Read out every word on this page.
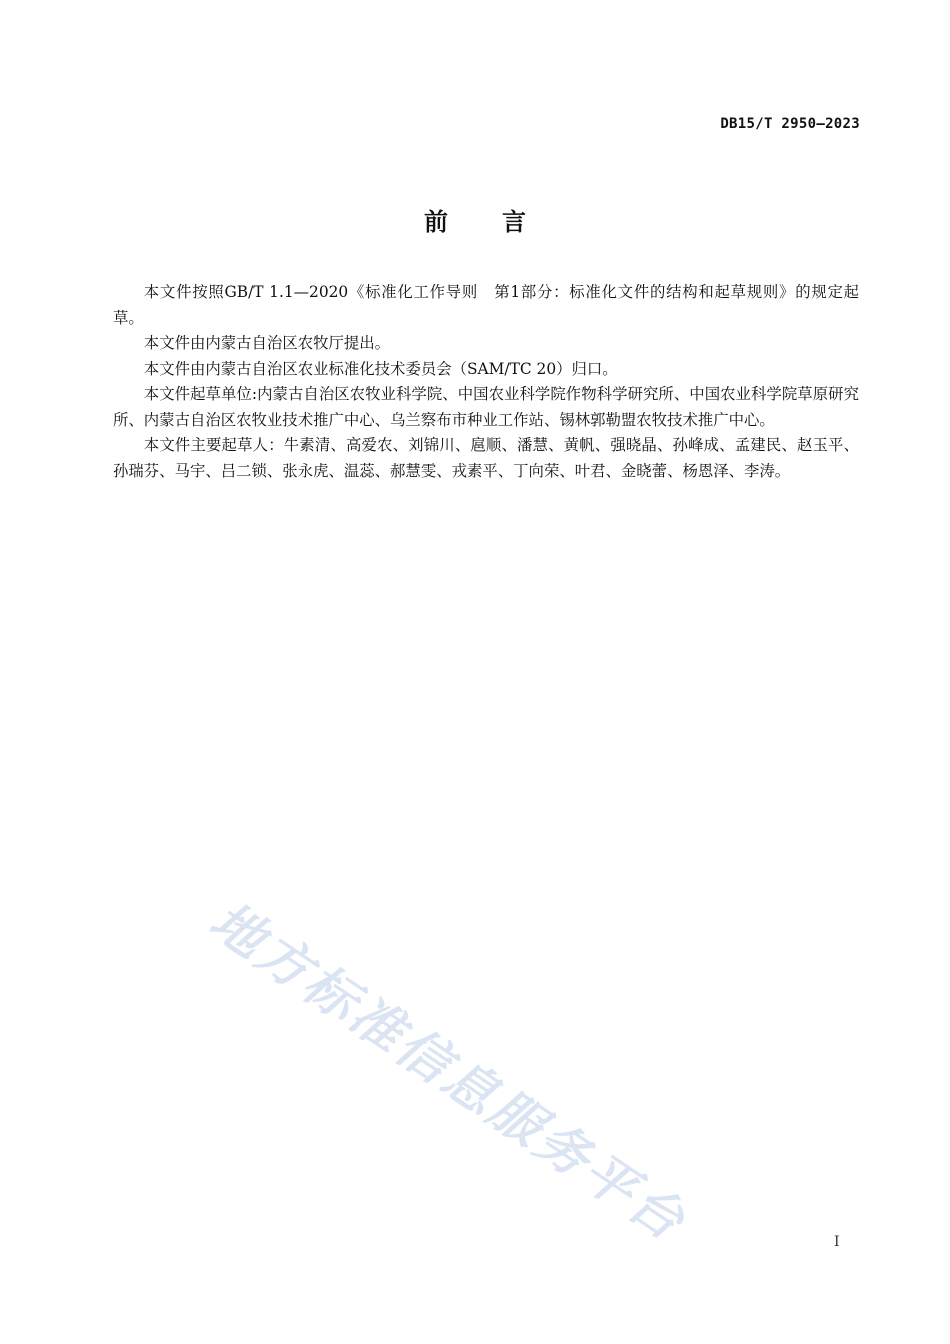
DB15/T 2950—2023
前言

本文件按照GB/T 1.1—2020《标准化工作导则　第1部分：标准化文件的结构和起草规则》的规定起草。

本文件由内蒙古自治区农牧厅提出。

本文件由内蒙古自治区农业标准化技术委员会（SAM/TC 20）归口。

本文件起草单位:内蒙古自治区农牧业科学院、中国农业科学院作物科学研究所、中国农业科学院草原研究所、内蒙古自治区农牧业技术推广中心、乌兰察布市种业工作站、锡林郭勒盟农牧技术推广中心。

本文件主要起草人：牛素清、高爱农、刘锦川、扈顺、潘慧、黄帆、强晓晶、孙峰成、孟建民、赵玉平、孙瑞芬、马宇、吕二锁、张永虎、温蕊、郝慧雯、戎素平、丁向荣、叶君、金晓蕾、杨恩泽、李涛。

地方标准信息服务平台	I
